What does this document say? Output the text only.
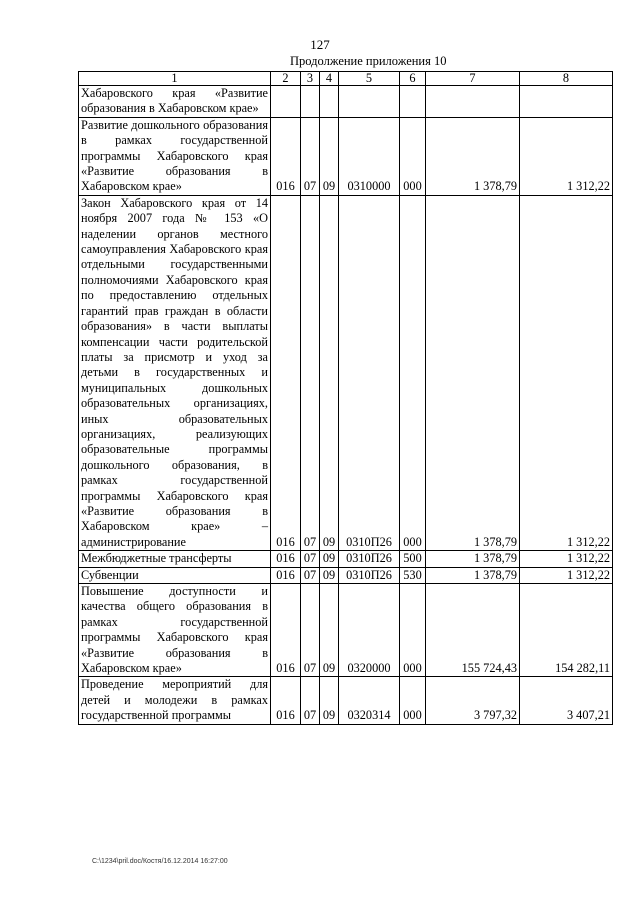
127
Продолжение приложения 10
1	2	3	4	5	6	7	8
Хабаровского края «Развитие образования в Хабаровском крае»							
Развитие дошкольного образования в рамках государственной программы Хабаровского края «Развитие образования в Хабаровском крае»	016	07	09	0310000	000	1 378,79	1 312,22
Закон Хабаровского края от 14 ноября 2007 года № 153 «О наделении органов местного самоуправления Хабаровского края отдельными государственными полномочиями Хабаровского края по предоставлению отдельных гарантий прав граждан в области образования» в части выплаты компенсации части родительской платы за присмотр и уход за детьми в государственных и муниципальных дошкольных образовательных организациях, иных образовательных организациях, реализующих образовательные программы дошкольного образования, в рамках государственной программы Хабаровского края «Развитие образования в Хабаровском крае» – администрирование	016	07	09	0310П26	000	1 378,79	1 312,22
Межбюджетные трансферты	016	07	09	0310П26	500	1 378,79	1 312,22
Субвенции	016	07	09	0310П26	530	1 378,79	1 312,22
Повышение доступности и качества общего образования в рамках государственной программы Хабаровского края «Развитие образования в Хабаровском крае»	016	07	09	0320000	000	155 724,43	154 282,11
Проведение мероприятий для детей и молодежи в рамках государственной программы	016	07	09	0320314	000	3 797,32	3 407,21
C:\1234\pril.doc/Костя/16.12.2014 16:27:00
